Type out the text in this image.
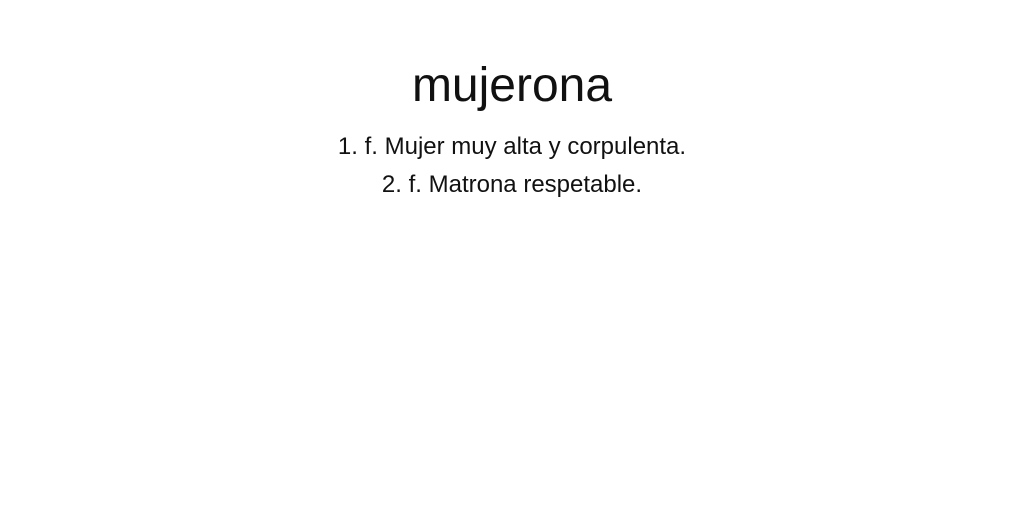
mujerona
1. f. Mujer muy alta y corpulenta.
2. f. Matrona respetable.
